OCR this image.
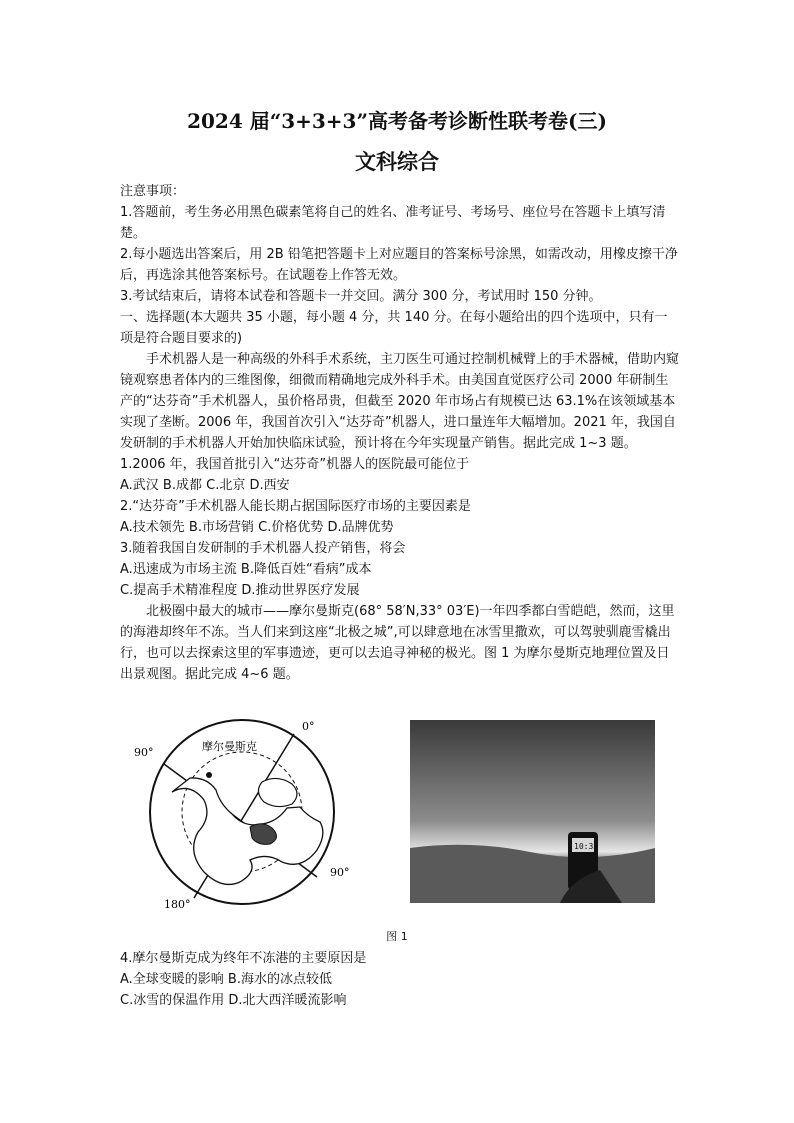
2024 届“3+3+3”高考备考诊断性联考卷(三)
文科综合

注意事项：

1.答题前，考生务必用黑色碳素笔将自己的姓名、准考证号、考场号、座位号在答题卡上填写清楚。

2.每小题选出答案后，用 2B 铅笔把答题卡上对应题目的答案标号涂黑，如需改动，用橡皮擦干净后，再选涂其他答案标号。在试题卷上作答无效。

3.考试结束后，请将本试卷和答题卡一并交回。满分 300 分，考试用时 150 分钟。

一、选择题(本大题共 35 小题，每小题 4 分，共 140 分。在每小题给出的四个选项中，只有一项是符合题目要求的)

手术机器人是一种高级的外科手术系统，主刀医生可通过控制机械臂上的手术器械，借助内窥镜观察患者体内的三维图像，细微而精确地完成外科手术。由美国直觉医疗公司 2000 年研制生产的“达芬奇”手术机器人，虽价格昂贵，但截至 2020 年市场占有规模已达 63.1%在该领域基本实现了垄断。2006 年，我国首次引入“达芬奇”机器人，进口量连年大幅增加。2021 年，我国自发研制的手术机器人开始加快临床试验，预计将在今年实现量产销售。据此完成 1~3 题。

1.2006 年，我国首批引入“达芬奇”机器人的医院最可能位于

A.武汉 B.成都 C.北京 D.西安

2.“达芬奇”手术机器人能长期占据国际医疗市场的主要因素是

A.技术领先 B.市场营销 C.价格优势 D.品牌优势

3.随着我国自发研制的手术机器人投产销售，将会

A.迅速成为市场主流 B.降低百姓“看病”成本

C.提高手术精准程度 D.推动世界医疗发展

北极圈中最大的城市——摩尔曼斯克(68° 58′N,33° 03′E)一年四季都白雪皑皑，然而，这里的海港却终年不冻。当人们来到这座“北极之城”,可以肆意地在冰雪里撒欢，可以驾驶驯鹿雪橇出行，也可以去探索这里的军事遗迹，更可以去追寻神秘的极光。图 1 为摩尔曼斯克地理位置及日出景观图。据此完成 4~6 题。

摩尔曼斯克
0°
90°
90°
180°
10:35
图 1

4.摩尔曼斯克成为终年不冻港的主要原因是

A.全球变暖的影响 B.海水的冰点较低

C.冰雪的保温作用 D.北大西洋暖流影响
